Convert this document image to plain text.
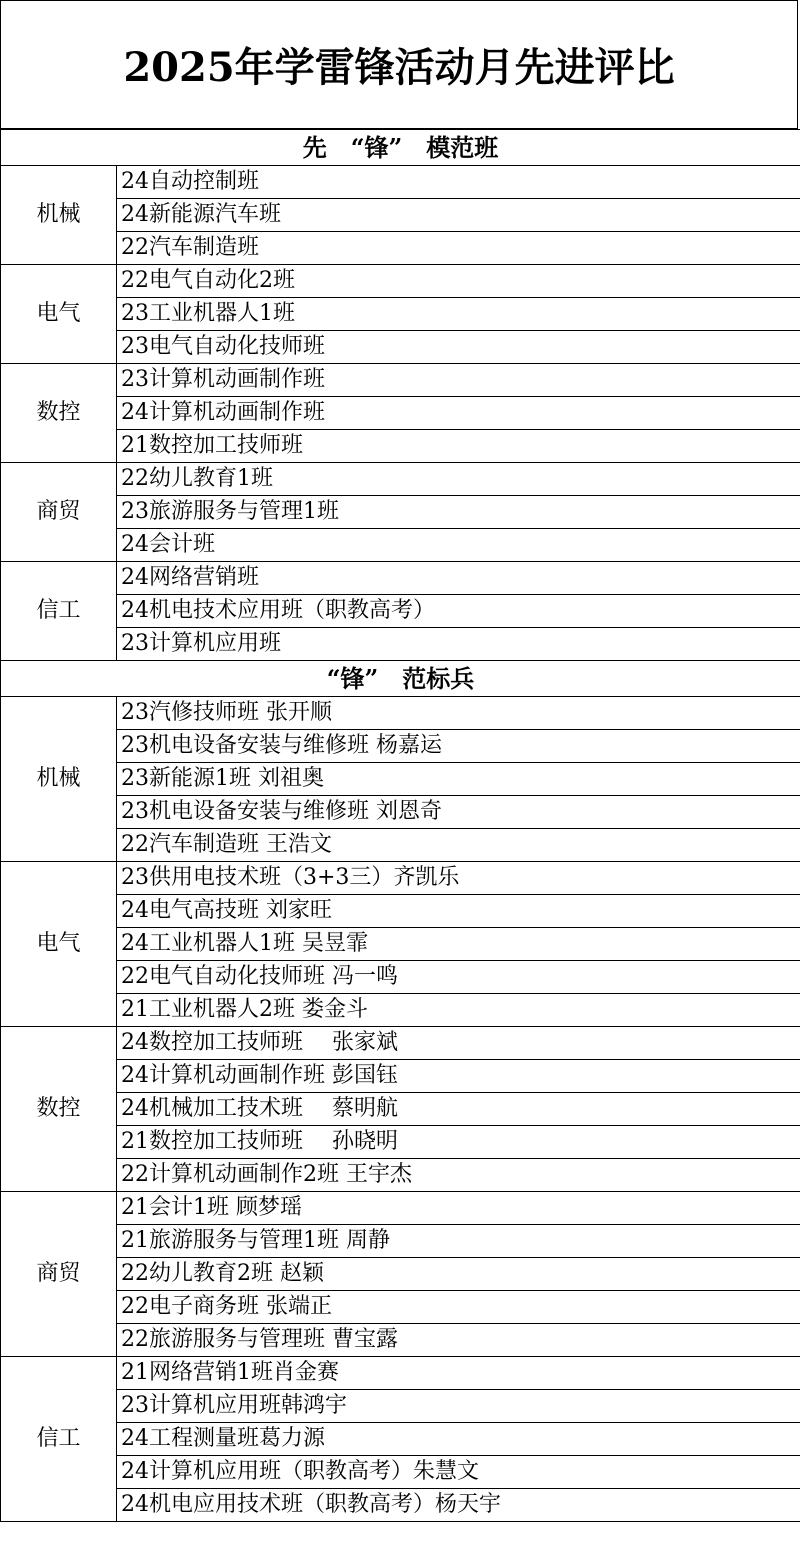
2025年学雷锋活动月先进评比
先　“锋”　模范班	
机械	24自动控制班
	24新能源汽车班
	22汽车制造班
电气	22电气自动化2班
	23工业机器人1班
	23电气自动化技师班
数控	23计算机动画制作班
	24计算机动画制作班
	21数控加工技师班
商贸	22幼儿教育1班
	23旅游服务与管理1班
	24会计班
信工	24网络营销班
	24机电技术应用班（职教高考）
	23计算机应用班
“锋”　范标兵	
机械	23汽修技师班 张开顺
	23机电设备安装与维修班 杨嘉运
	23新能源1班 刘祖奥
	23机电设备安装与维修班 刘恩奇
	22汽车制造班 王浩文
电气	23供用电技术班（3+3三）齐凯乐
	24电气高技班 刘家旺
	24工业机器人1班 吴昱霏
	22电气自动化技师班 冯一鸣
	21工业机器人2班 娄金斗
数控	24数控加工技师班　 张家斌
	24计算机动画制作班 彭国钰
	24机械加工技术班　 蔡明航
	21数控加工技师班　 孙晓明
	22计算机动画制作2班 王宇杰
商贸	21会计1班 顾梦瑶
	21旅游服务与管理1班 周静
	22幼儿教育2班 赵颖
	22电子商务班 张端正
	22旅游服务与管理班 曹宝露
信工	21网络营销1班肖金赛
	23计算机应用班韩鸿宇
	24工程测量班葛力源
	24计算机应用班（职教高考）朱慧文
	24机电应用技术班（职教高考）杨天宇
